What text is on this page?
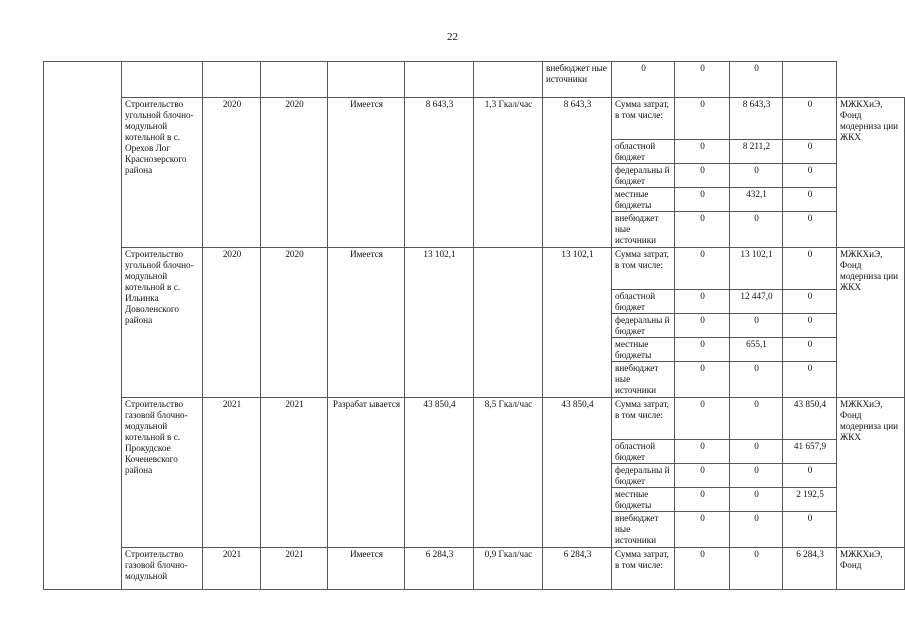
22
							внебюджет ные источники	0	0	0		
	Строительство угольной блочно-модульной котельной в с. Орехов Лог Краснозерского района	2020	2020	Имеется	8 643,3	1,3 Гкал/час	8 643,3	Сумма затрат, в том числе:	0	8 643,3	0	МЖКХиЭ, Фонд модерниза ции ЖКХ
								областной бюджет	0	8 211,2	0	
								федеральны й бюджет	0	0	0	
								местные бюджеты	0	432,1	0	
								внебюджет ные источники	0	0	0	
	Строительство угольной блочно-модульной котельной в с. Ильинка Доволенского района	2020	2020	Имеется	13 102,1		13 102,1	Сумма затрат, в том числе:	0	13 102,1	0	МЖКХиЭ, Фонд модерниза ции ЖКХ
								областной бюджет	0	12 447,0	0	
								федеральны й бюджет	0	0	0	
								местные бюджеты	0	655,1	0	
								внебюджет ные источники	0	0	0	
	Строительство газовой блочно-модульной котельной в с. Прокудское Коченевского района	2021	2021	Разрабат ывается	43 850,4	8,5 Гкал/час	43 850,4	Сумма затрат, в том числе:	0	0	43 850,4	МЖКХиЭ, Фонд модерниза ции ЖКХ
								областной бюджет	0	0	41 657,9	
								федеральны й бюджет	0	0	0	
								местные бюджеты	0	0	2 192,5	
								внебюджет ные источники	0	0	0	
	Строительство газовой блочно-модульной	2021	2021	Имеется	6 284,3	0,9 Гкал/час	6 284,3	Сумма затрат, в том числе:	0	0	6 284,3	МЖКХиЭ, Фонд
